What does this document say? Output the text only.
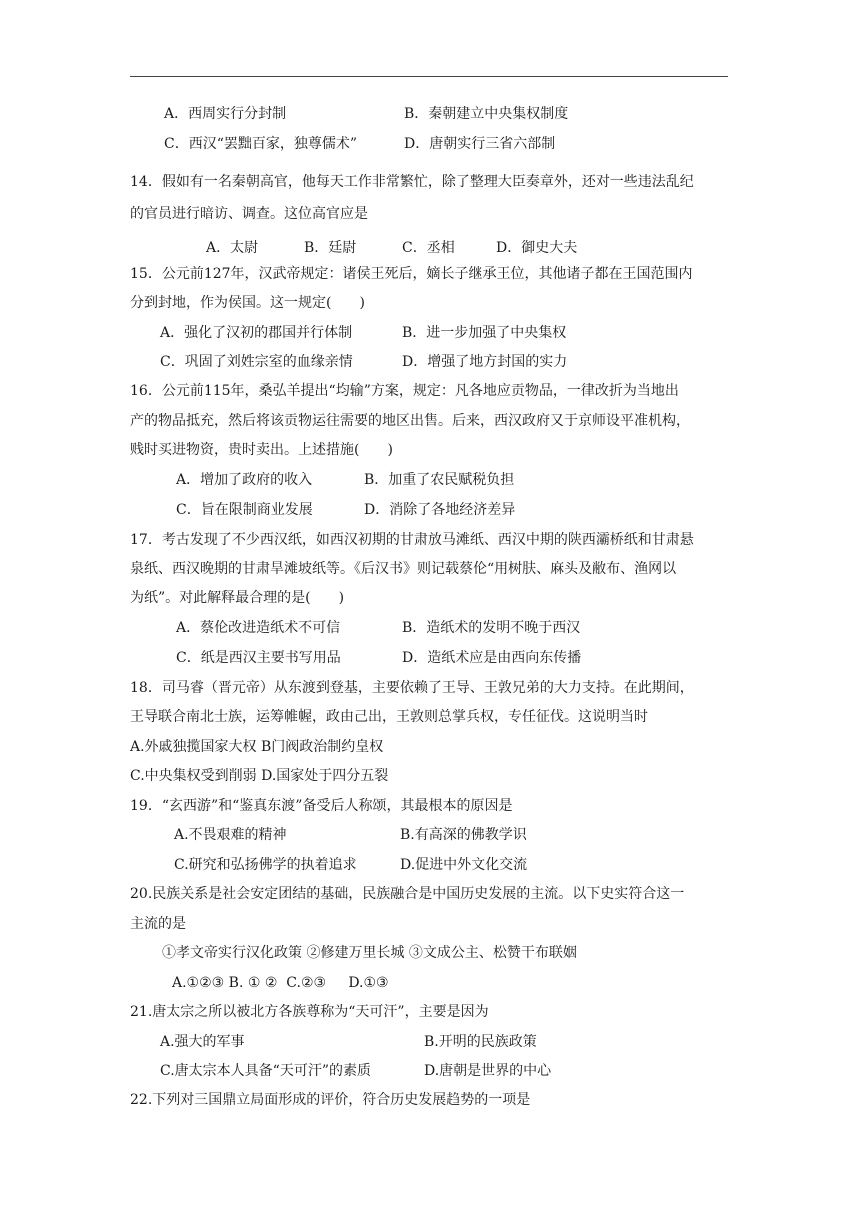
A．西周实行分封制	B．秦朝建立中央集权制度
C．西汉“罢黜百家，独尊儒术”	D．唐朝实行三省六部制
14．假如有一名秦朝高官，他每天工作非常繁忙，除了整理大臣奏章外，还对一些违法乱纪
的官员进行暗访、调查。这位高官应是
A．太尉	B．廷尉	C．丞相	D．御史大夫
15．公元前127年，汉武帝规定：诸侯王死后，嫡长子继承王位，其他诸子都在王国范围内
分到封地，作为侯国。这一规定(　　)
A．强化了汉初的郡国并行体制	B．进一步加强了中央集权
C．巩固了刘姓宗室的血缘亲情	D．增强了地方封国的实力
16．公元前115年，桑弘羊提出“均输”方案，规定：凡各地应贡物品，一律改折为当地出
产的物品抵充，然后将该贡物运往需要的地区出售。后来，西汉政府又于京师设平准机构，
贱时买进物资，贵时卖出。上述措施(　　)
A．增加了政府的收入	B．加重了农民赋税负担
C．旨在限制商业发展	D．消除了各地经济差异
17．考古发现了不少西汉纸，如西汉初期的甘肃放马滩纸、西汉中期的陕西灞桥纸和甘肃悬
泉纸、西汉晚期的甘肃旱滩坡纸等。《后汉书》则记载蔡伦“用树肤、麻头及敝布、渔网以
为纸”。对此解释最合理的是(　　)
A．蔡伦改进造纸术不可信	B．造纸术的发明不晚于西汉
C．纸是西汉主要书写用品	D．造纸术应是由西向东传播
18．司马睿（晋元帝）从东渡到登基，主要依赖了王导、王敦兄弟的大力支持。在此期间，
王导联合南北士族，运筹帷幄，政由己出，王敦则总掌兵权，专任征伐。这说明当时
A.外戚独揽国家大权 B门阀政治制约皇权
C.中央集权受到削弱 D.国家处于四分五裂
19．“玄西游”和“鉴真东渡”备受后人称颂，其最根本的原因是
A.不畏艰难的精神	B.有高深的佛教学识
C.研究和弘扬佛学的执着追求	D.促进中外文化交流
20.民族关系是社会安定团结的基础，民族融合是中国历史发展的主流。以下史实符合这一
主流的是
①孝文帝实行汉化政策 ②修建万里长城 ③文成公主、松赞干布联姻
A.①②③ B. ① ②  C.②③     D.①③
21.唐太宗之所以被北方各族尊称为“天可汗”，主要是因为
A.强大的军事	B.开明的民族政策
C.唐太宗本人具备“天可汗”的素质	D.唐朝是世界的中心
22.下列对三国鼎立局面形成的评价，符合历史发展趋势的一项是
